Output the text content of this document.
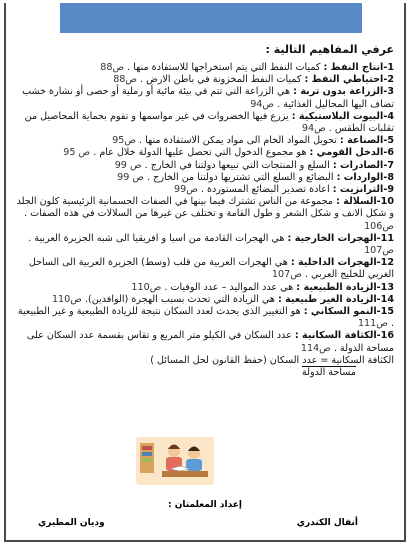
عرفي المفاهيم التالية :

1-انتاج النفط : كميات النفط التي يتم استخراجها للاستفادة منها . ص88

2-احتياطي النفط : كميات النفط المخزونة في باطن الارض . ص88

3-الزراعة بدون تربة : هي الزراعة التي تتم في بيئة مائية أو رملية أو حصى أو نشارة خشب تضاف اليها المحاليل الغذائية . ص94

4-البيوت البلاستيكية : يزرع فيها الخضروات في غير مواسمها و تقوم بحماية المحاصيل من تقلبات الطقس . ص94

5-الصناعة : تحويل المواد الخام الى مواد يمكن الاستفادة منها . ص95

6-الدخل القومي : هو مجموع الدخول التي تحصل عليها الدولة خلال عام . ص 95

7-الصادرات : السلع و المنتجات التي تبيعها دولتنا في الخارج . ص 99

8-الواردات : البضائع و السلع التي تشتريها دولتنا من الخارج . ص 99

9-الترانزيت : اعادة تصدير البضائع المستوردة . ص99

10-السلالة : مجموعة من الناس تشترك فيما بينها في الصفات الجسمانية الرئيسية كلون الجلد و شكل الانف و شكل الشعر و طول القامة و تختلف عن غيرها من السلالات في هذه الصفات . ص106

11-الهجرات الخارجية : هي الهجرات القادمة من اسيا و افريقيا الى شبه الجزيرة العربية . ص107

12-الهجرات الداخلية : هي الهجرات العربية من قلب (وسط) الجزيرة العربية الى الساحل الغربي للخليج العربي . ص107

13-الزيادة الطبيعية : هي عدد المواليد – عدد الوفيات . ص110

14-الزيادة الغير طبيعية : هي الزيادة التي تحدث بسبب الهجرة (الوافدين). ص110

15-النمو السكاني : هو التغيير الذي يحدث لعدد السكان نتيجة للزيادة الطبيعية و غير الطبيعية . ص111

16-الكثافة السكانية : عدد السكان في الكيلو متر المربع و تقاس بقسمة عدد السكان على مساحة الدولة . ص114

الكثافة السكانية = عدد السكان (حفظ القانون لحل المسائل )

مساحة الدولة

إعداد المعلمتان :
أنفال الكندري
وديان المطيري
